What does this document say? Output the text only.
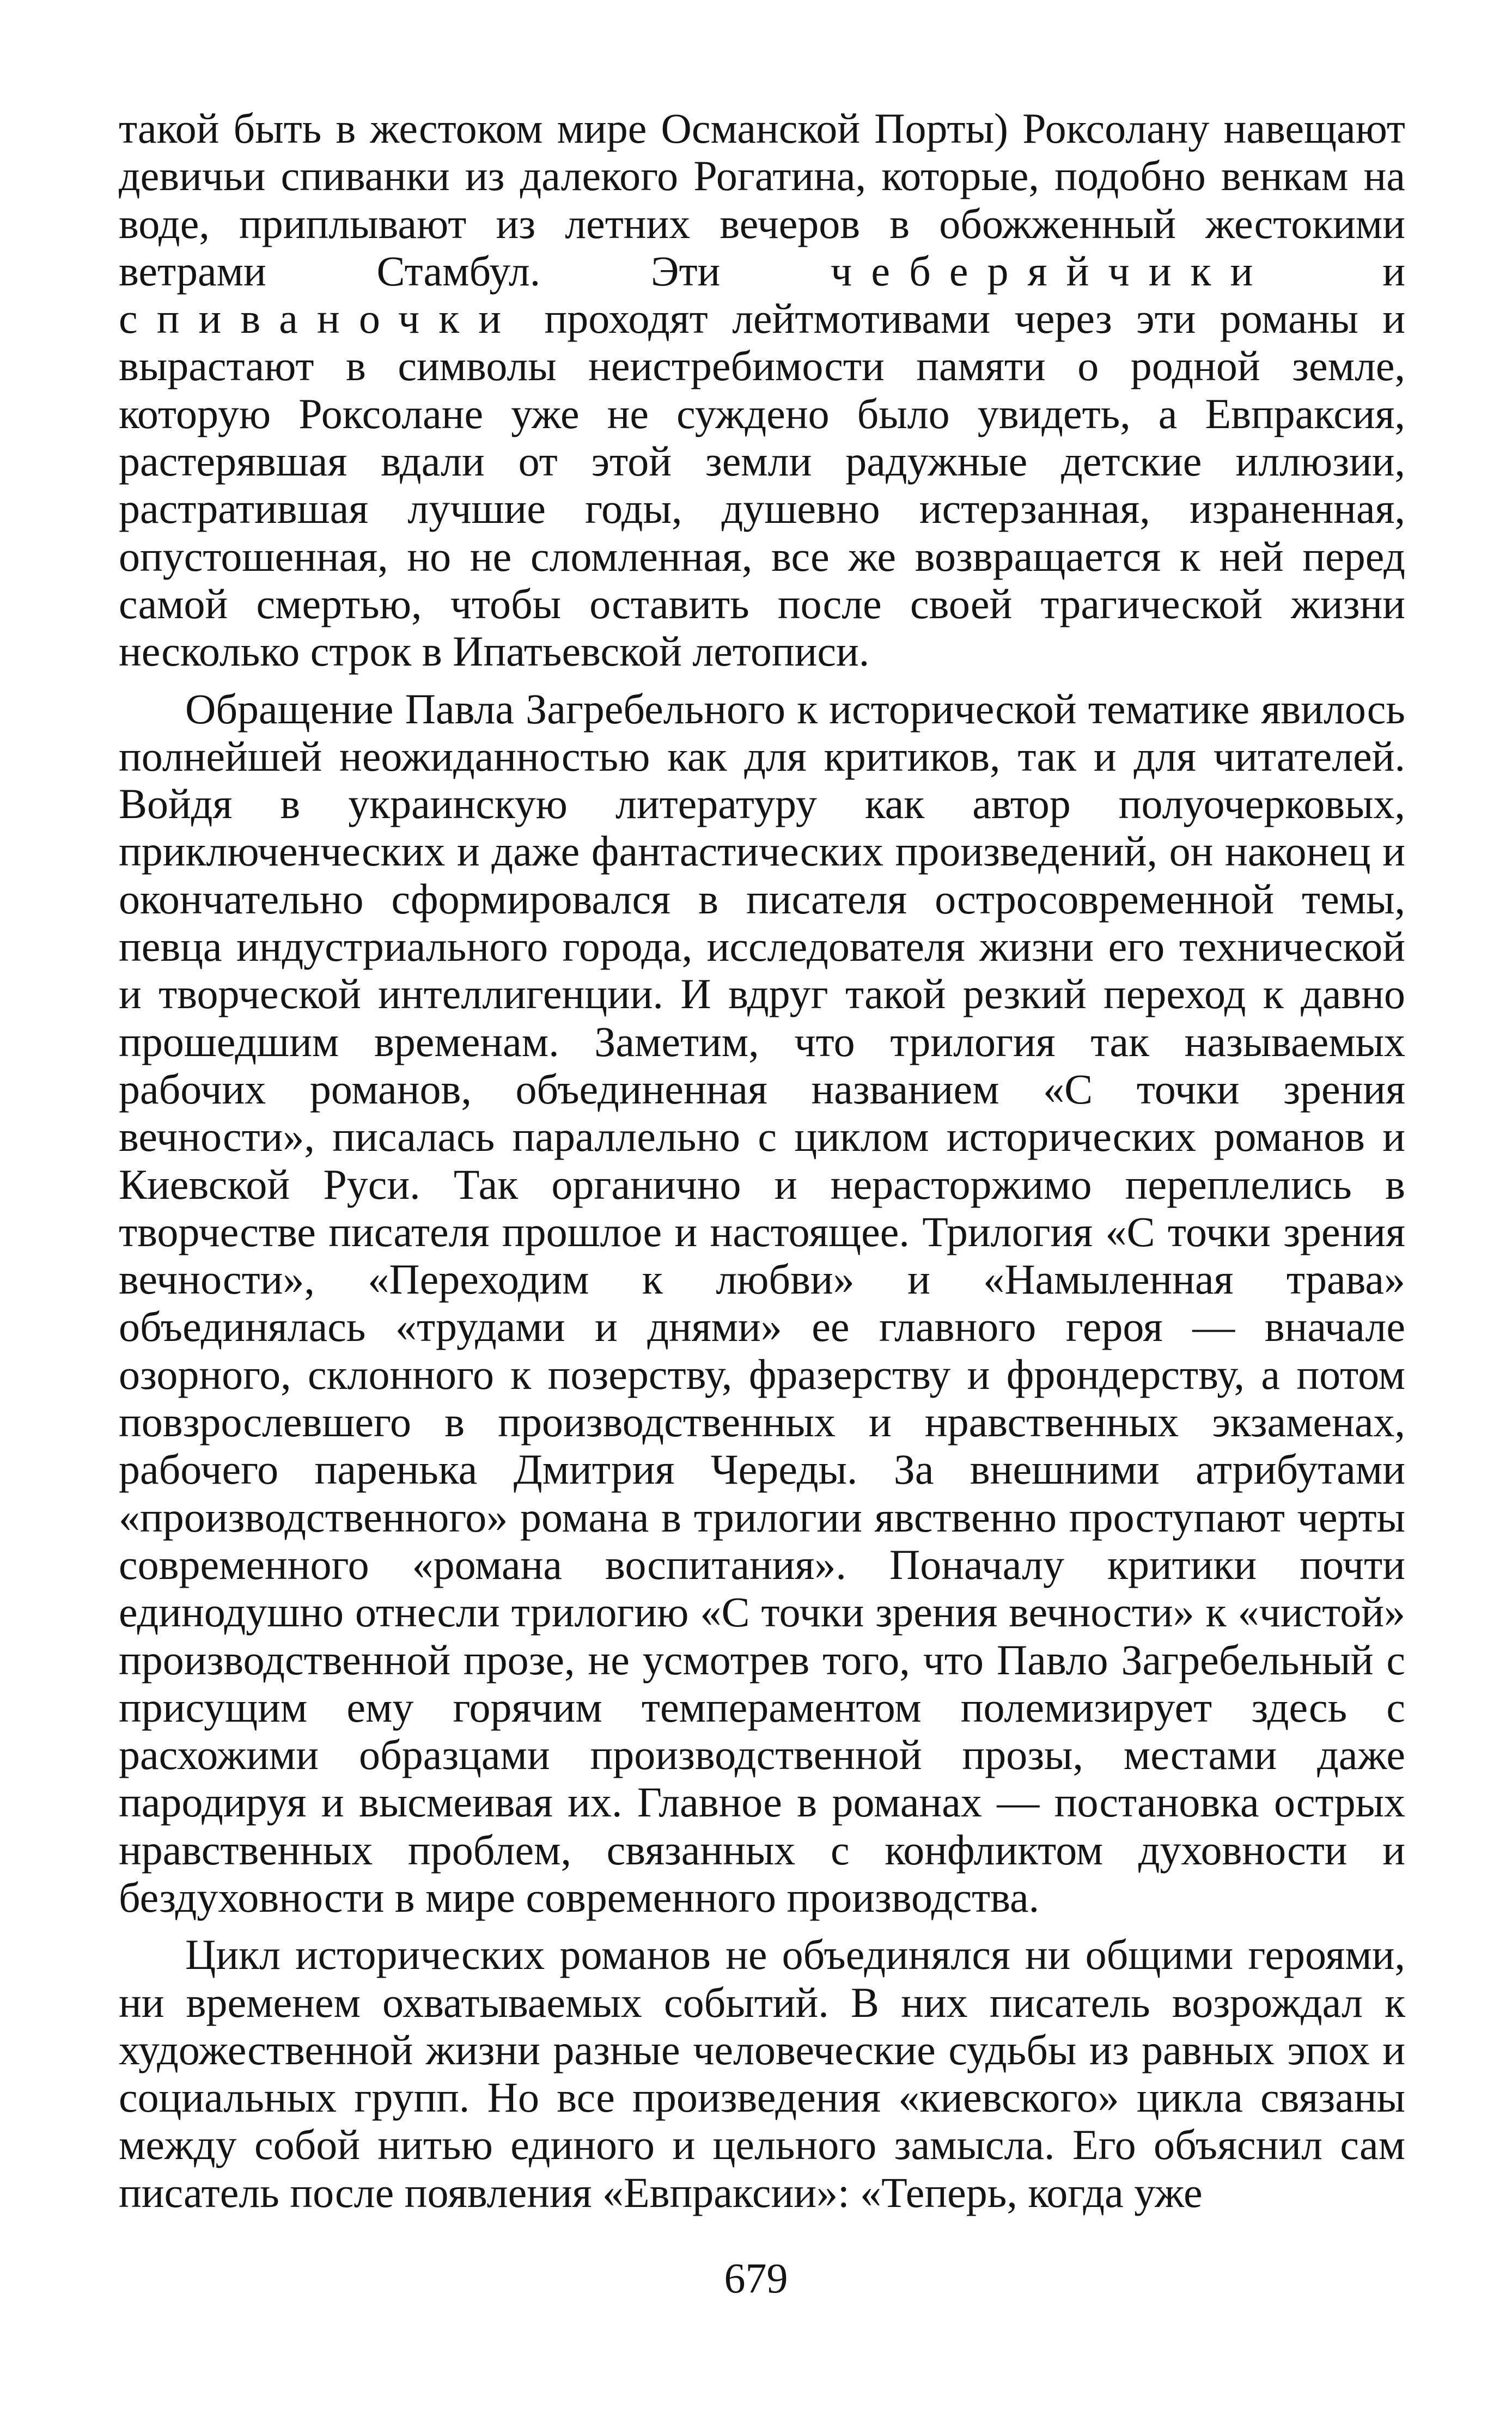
такой быть в жестоком мире Османской Порты) Роксолану навещают девичьи спиванки из далекого Рогатина, которые, подобно венкам на воде, приплывают из летних вечеров в обожженный жестокими ветрами Стамбул. Эти чеберяйчики и спиваночки проходят лейтмотивами через эти романы и вырастают в символы неистребимости памяти о родной земле, которую Роксолане уже не суждено было увидеть, а Евпраксия, растерявшая вдали от этой земли радужные детские иллюзии, растратившая лучшие годы, душевно истерзанная, израненная, опустошенная, но не сломленная, все же возвращается к ней перед самой смертью, чтобы оставить после своей трагической жизни несколько строк в Ипатьевской летописи.

Обращение Павла Загребельного к исторической тематике явилось полнейшей неожиданностью как для критиков, так и для читателей. Войдя в украинскую литературу как автор полуочерковых, приключенческих и даже фантастических произведений, он наконец и окончательно сформировался в писателя остросовременной темы, певца индустриального города, исследователя жизни его технической и творческой интеллигенции. И вдруг такой резкий переход к давно прошедшим временам. Заметим, что трилогия так называемых рабочих романов, объединенная названием «С точки зрения вечности», писалась параллельно с циклом исторических романов и Киевской Руси. Так органично и нерасторжимо переплелись в творчестве писателя прошлое и настоящее. Трилогия «С точки зрения вечности», «Переходим к любви» и «Намыленная трава» объединялась «трудами и днями» ее главного героя — вначале озорного, склонного к позерству, фразерству и фрондерству, а потом повзрослевшего в производственных и нравственных экзаменах, рабочего паренька Дмитрия Череды. За внешними атрибутами «производственного» романа в трилогии явственно проступают черты современного «романа воспитания». Поначалу критики почти единодушно отнесли трилогию «С точки зрения вечности» к «чистой» производственной прозе, не усмотрев того, что Павло Загребельный с присущим ему горячим темпераментом полемизирует здесь с расхожими образцами производственной прозы, местами даже пародируя и высмеивая их. Главное в романах — постановка острых нравственных проблем, связанных с конфликтом духовности и бездуховности в мире современного производства.

Цикл исторических романов не объединялся ни общими героями, ни временем охватываемых событий. В них писатель возрождал к художественной жизни разные человеческие судьбы из равных эпох и социальных групп. Но все произведения «киевского» цикла связаны между собой нитью единого и цельного замысла. Его объяснил сам писатель после появления «Евпраксии»: «Теперь, когда уже

679
